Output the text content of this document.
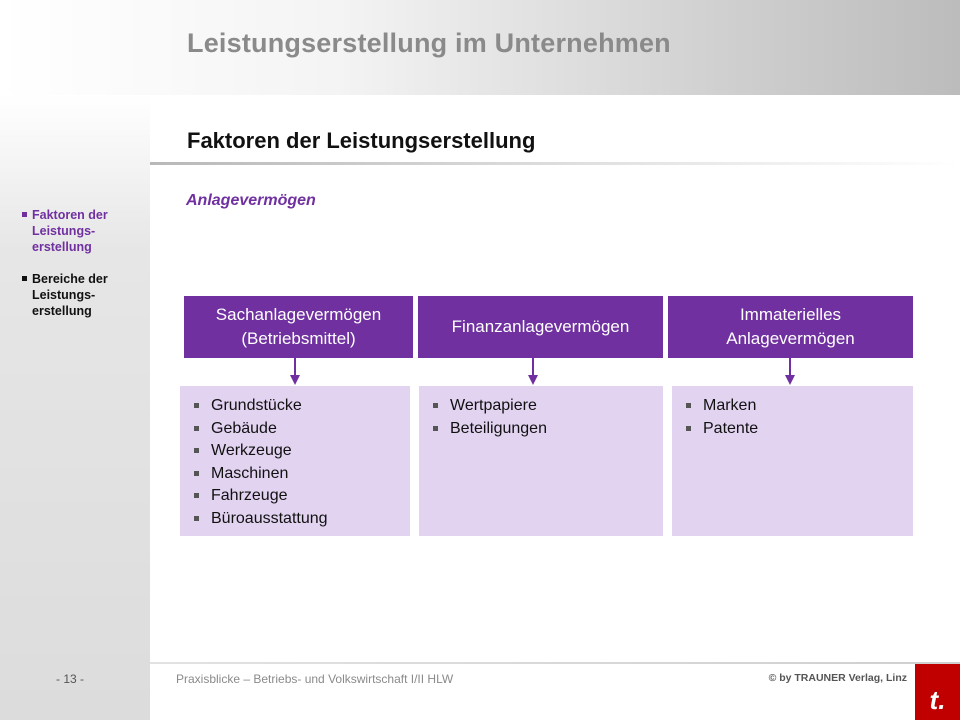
Leistungserstellung im Unternehmen
Faktoren der Leistungs-
erstellung
Bereiche der Leistungs-
erstellung
Faktoren der Leistungserstellung
Anlagevermögen
Sachanlagevermögen
(Betriebsmittel)
Grundstücke
Gebäude
Werkzeuge
Maschinen
Fahrzeuge
Büroausstattung
Finanzanlagevermögen
Wertpapiere
Beteiligungen
Immaterielles
Anlagevermögen
Marken
Patente
- 13 -	Praxisblicke – Betriebs- und Volkswirtschaft I/II HLW	© by TRAUNER Verlag, Linz
t.
